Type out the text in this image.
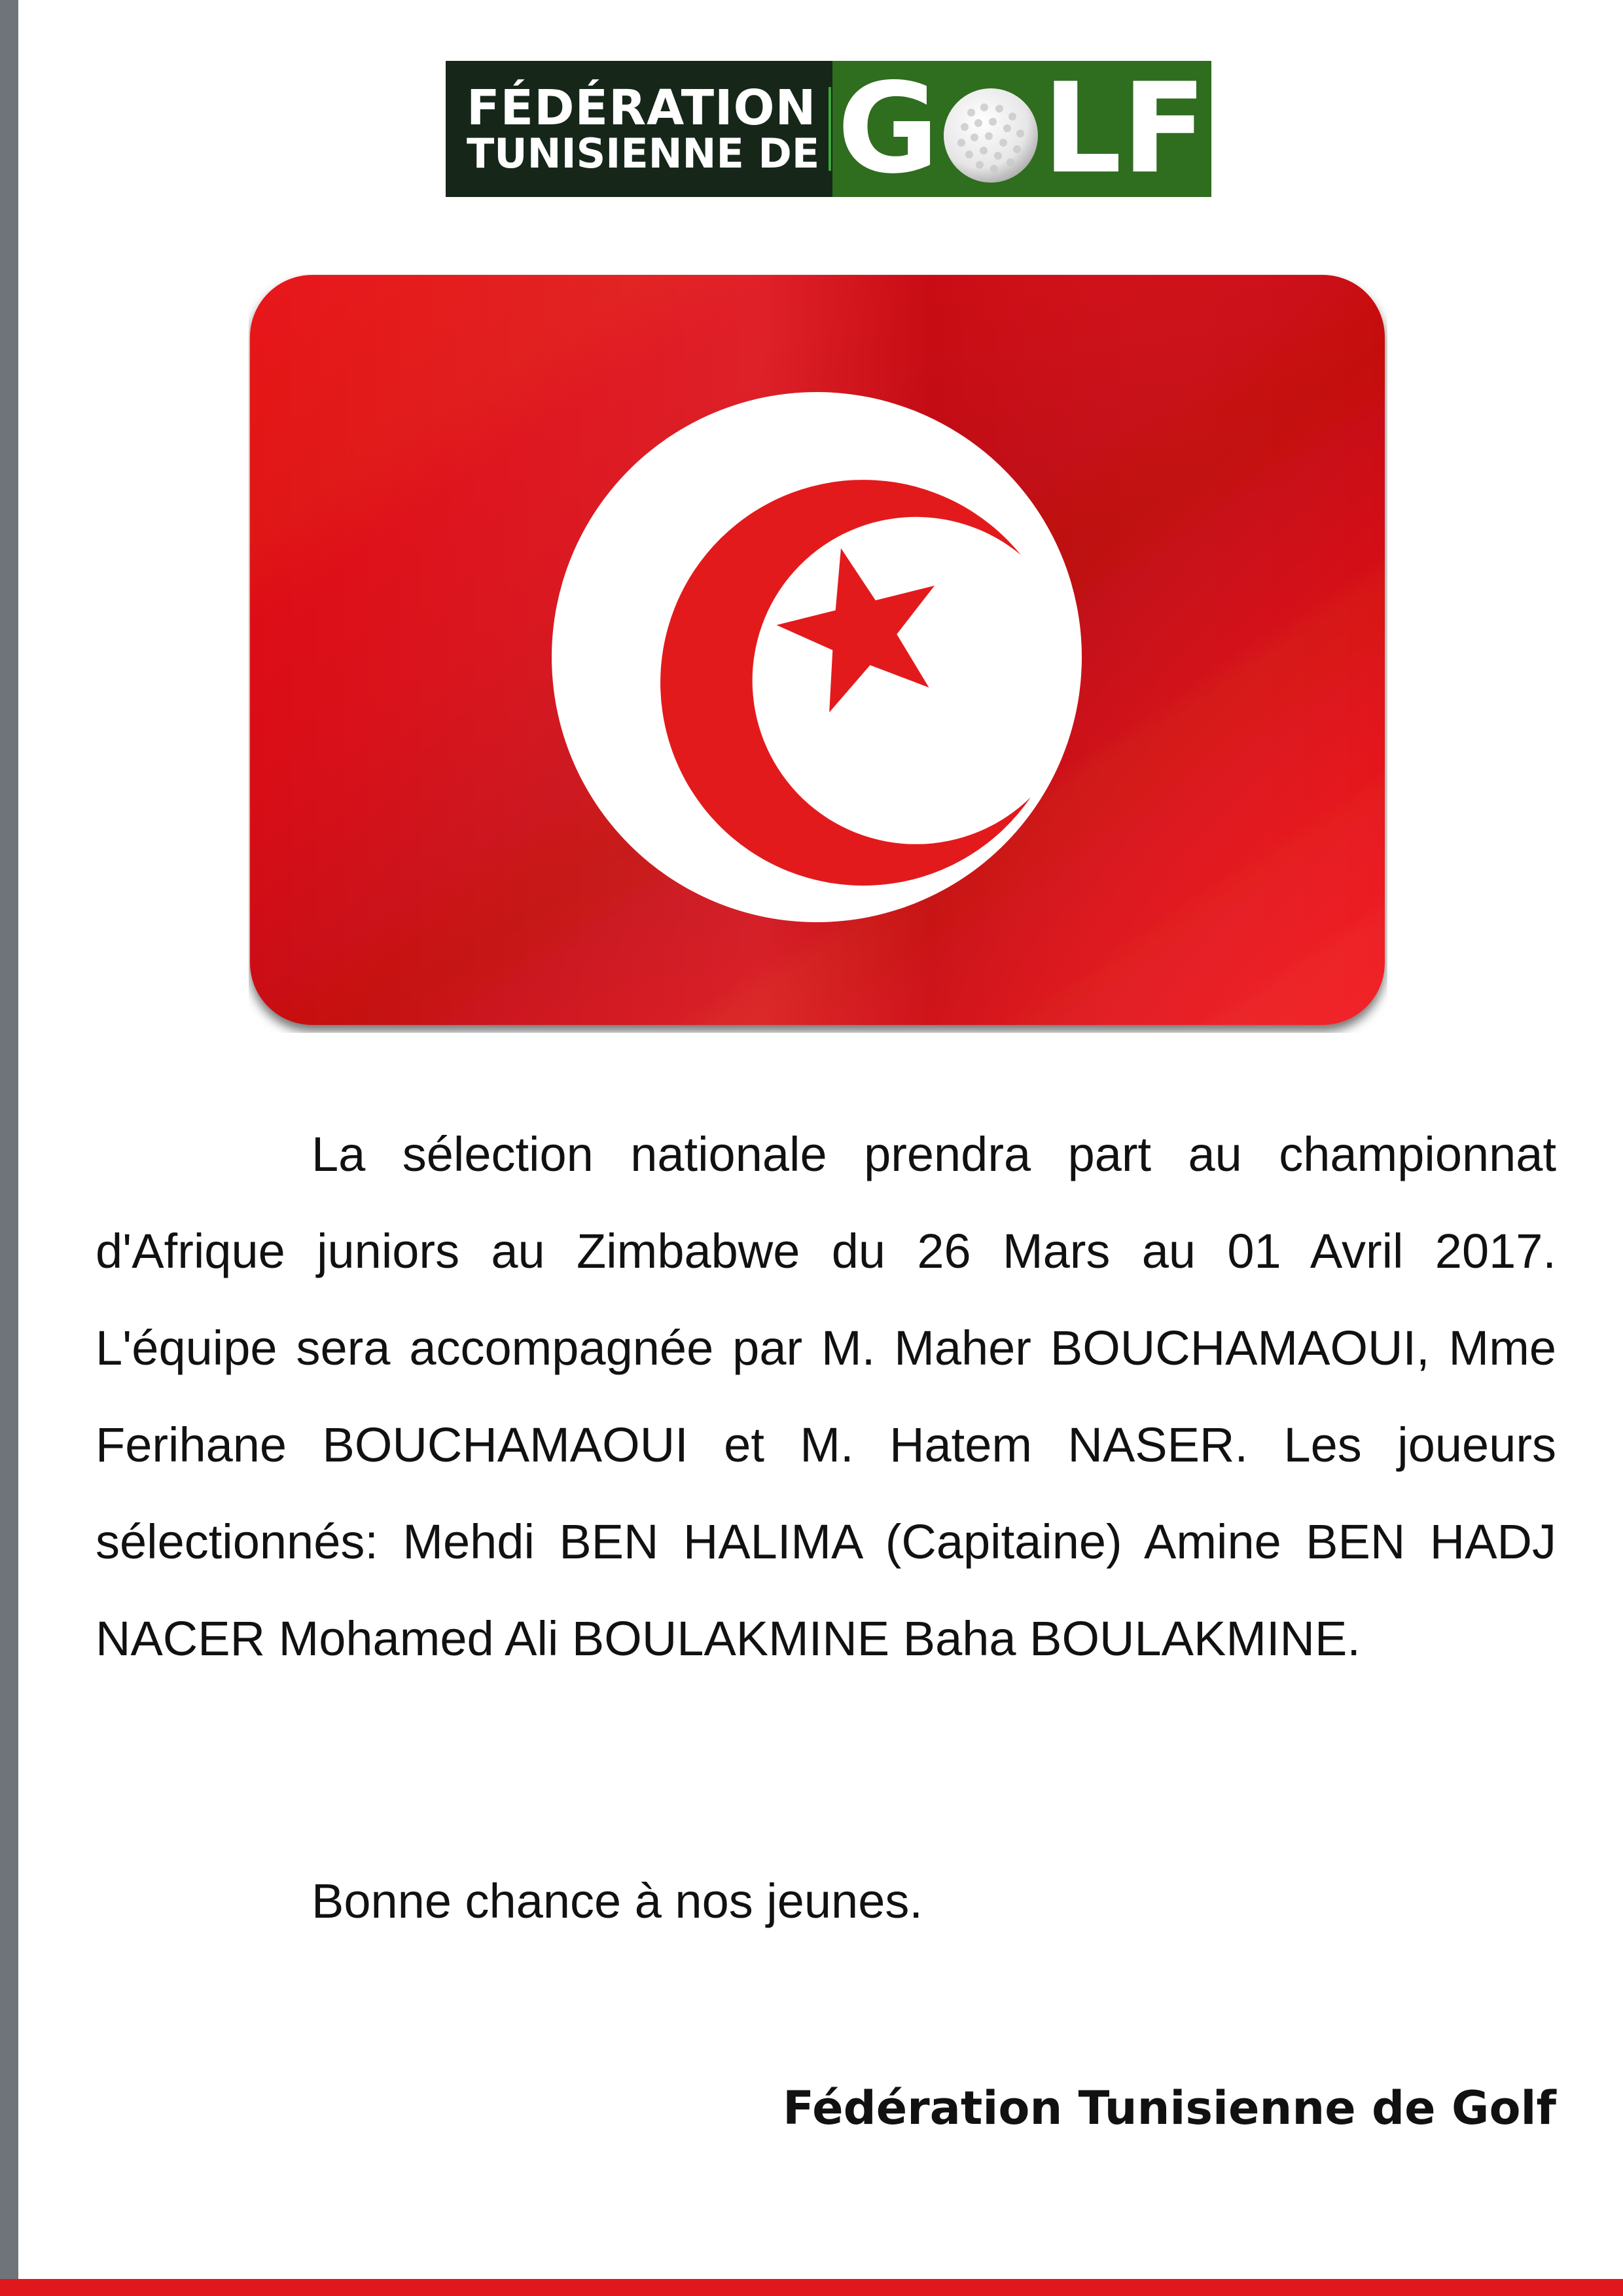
FÉDÉRATION
TUNISIENNE DE G LF
La sélection nationale prendra part au championnat d'Afrique juniors au Zimbabwe du 26 Mars au 01 Avril 2017. L'équipe sera accompagnée par M. Maher BOUCHAMAOUI, Mme Ferihane BOUCHAMAOUI et M. Hatem NASER. Les joueurs sélectionnés: Mehdi BEN HALIMA (Capitaine) Amine BEN HADJ NACER Mohamed Ali BOULAKMINE Baha BOULAKMINE.
Bonne chance à nos jeunes.
Fédération Tunisienne de Golf
